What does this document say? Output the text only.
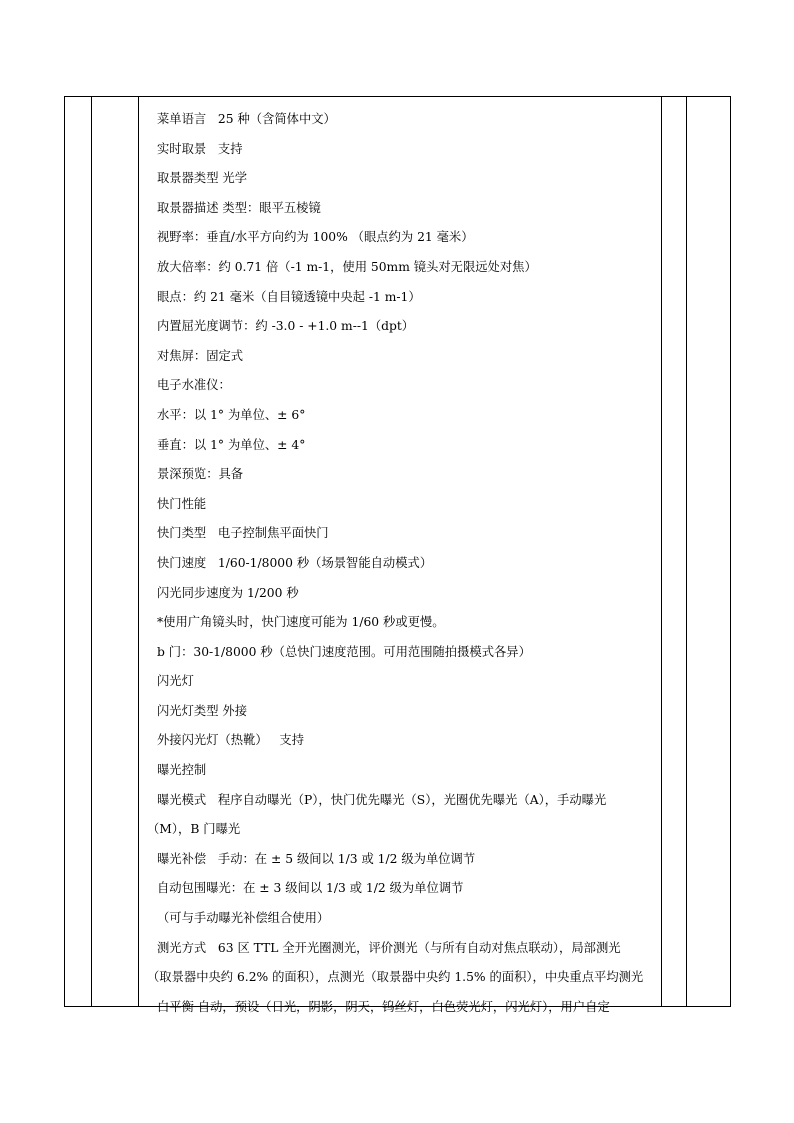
菜单语言   25 种（含简体中文）
实时取景   支持
取景器类型 光学
取景器描述 类型：眼平五棱镜
视野率：垂直/水平方向约为 100% （眼点约为 21 毫米）
放大倍率：约 0.71 倍（-1 m-1，使用 50mm 镜头对无限远处对焦）
眼点：约 21 毫米（自目镜透镜中央起 -1 m-1）
内置屈光度调节：约 -3.0 - +1.0 m--1（dpt）
对焦屏：固定式
电子水准仪：
水平：以 1° 为单位、± 6°
垂直：以 1° 为单位、± 4°
景深预览：具备
快门性能
快门类型   电子控制焦平面快门
快门速度   1/60-1/8000 秒（场景智能自动模式）
闪光同步速度为 1/200 秒
*使用广角镜头时，快门速度可能为 1/60 秒或更慢。
b 门：30-1/8000 秒（总快门速度范围。可用范围随拍摄模式各异）
闪光灯
闪光灯类型 外接
外接闪光灯（热靴）   支持
曝光控制
曝光模式   程序自动曝光（P），快门优先曝光（S），光圈优先曝光（A），手动曝光
（M），B 门曝光
曝光补偿   手动：在 ± 5 级间以 1/3 或 1/2 级为单位调节
自动包围曝光：在 ± 3 级间以 1/3 或 1/2 级为单位调节
（可与手动曝光补偿组合使用）
测光方式   63 区 TTL 全开光圈测光，评价测光（与所有自动对焦点联动），局部测光
（取景器中央约 6.2% 的面积），点测光（取景器中央约 1.5% 的面积），中央重点平均测光
白平衡 自动，预设（日光，阴影，阴天，钨丝灯，白色荧光灯，闪光灯），用户自定
